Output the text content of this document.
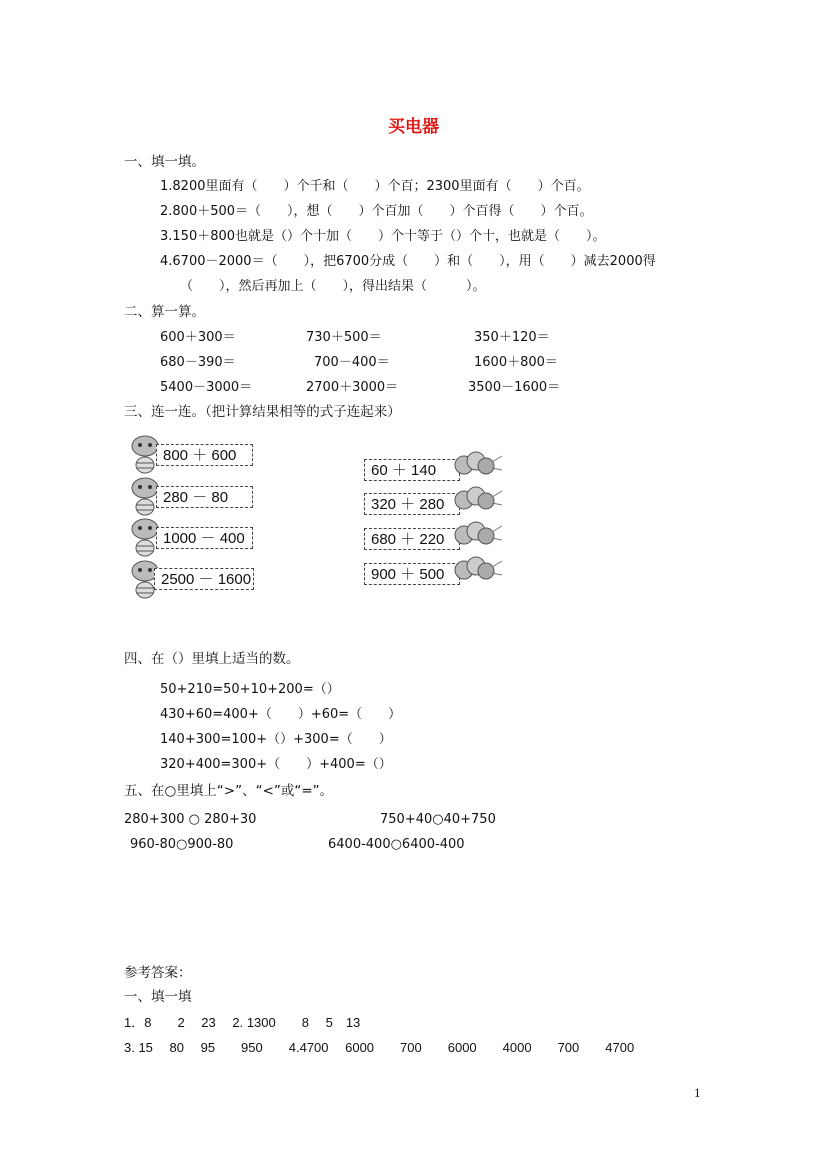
买电器
一、填一填。
1.8200里面有（　　）个千和（　　）个百；2300里面有（　　）个百。
2.800＋500＝（　　），想（　　）个百加（　　）个百得（　　）个百。
3.150＋800也就是（）个十加（　　）个十等于（）个十，也就是（　　）。
4.6700－2000＝（　　），把6700分成（　　）和（　　），用（　　）减去2000得
（　　），然后再加上（　　），得出结果（　　　）。
二、算一算。
600＋300＝	730＋500＝	350＋120＝
680－390＝	700－400＝	1600＋800＝
5400－3000＝	2700＋3000＝	3500－1600＝
三、连一连。（把计算结果相等的式子连起来）
800 ＋ 600
280 － 80
1000 － 400
2500 － 1600
60 ＋ 140
320 ＋ 280
680 ＋ 220
900 ＋ 500
四、在（）里填上适当的数。
50+210=50+10+200=（）
430+60=400+（　　）+60=（　　）
140+300=100+（）+300=（　　）
320+400=300+（　　）+400=（）
五、在○里填上“>”、“<”或“=”。
280+300 ○ 280+30	750+40○40+750
960-80○900-80	6400-400○6400-400
参考答案：
一、填一填
1．8　　2　 23　 2. 1300　　8　 5　13
3. 15　 80　 95　　950　　4.4700　 6000　　700　　6000　　4000　　700　　4700
1
